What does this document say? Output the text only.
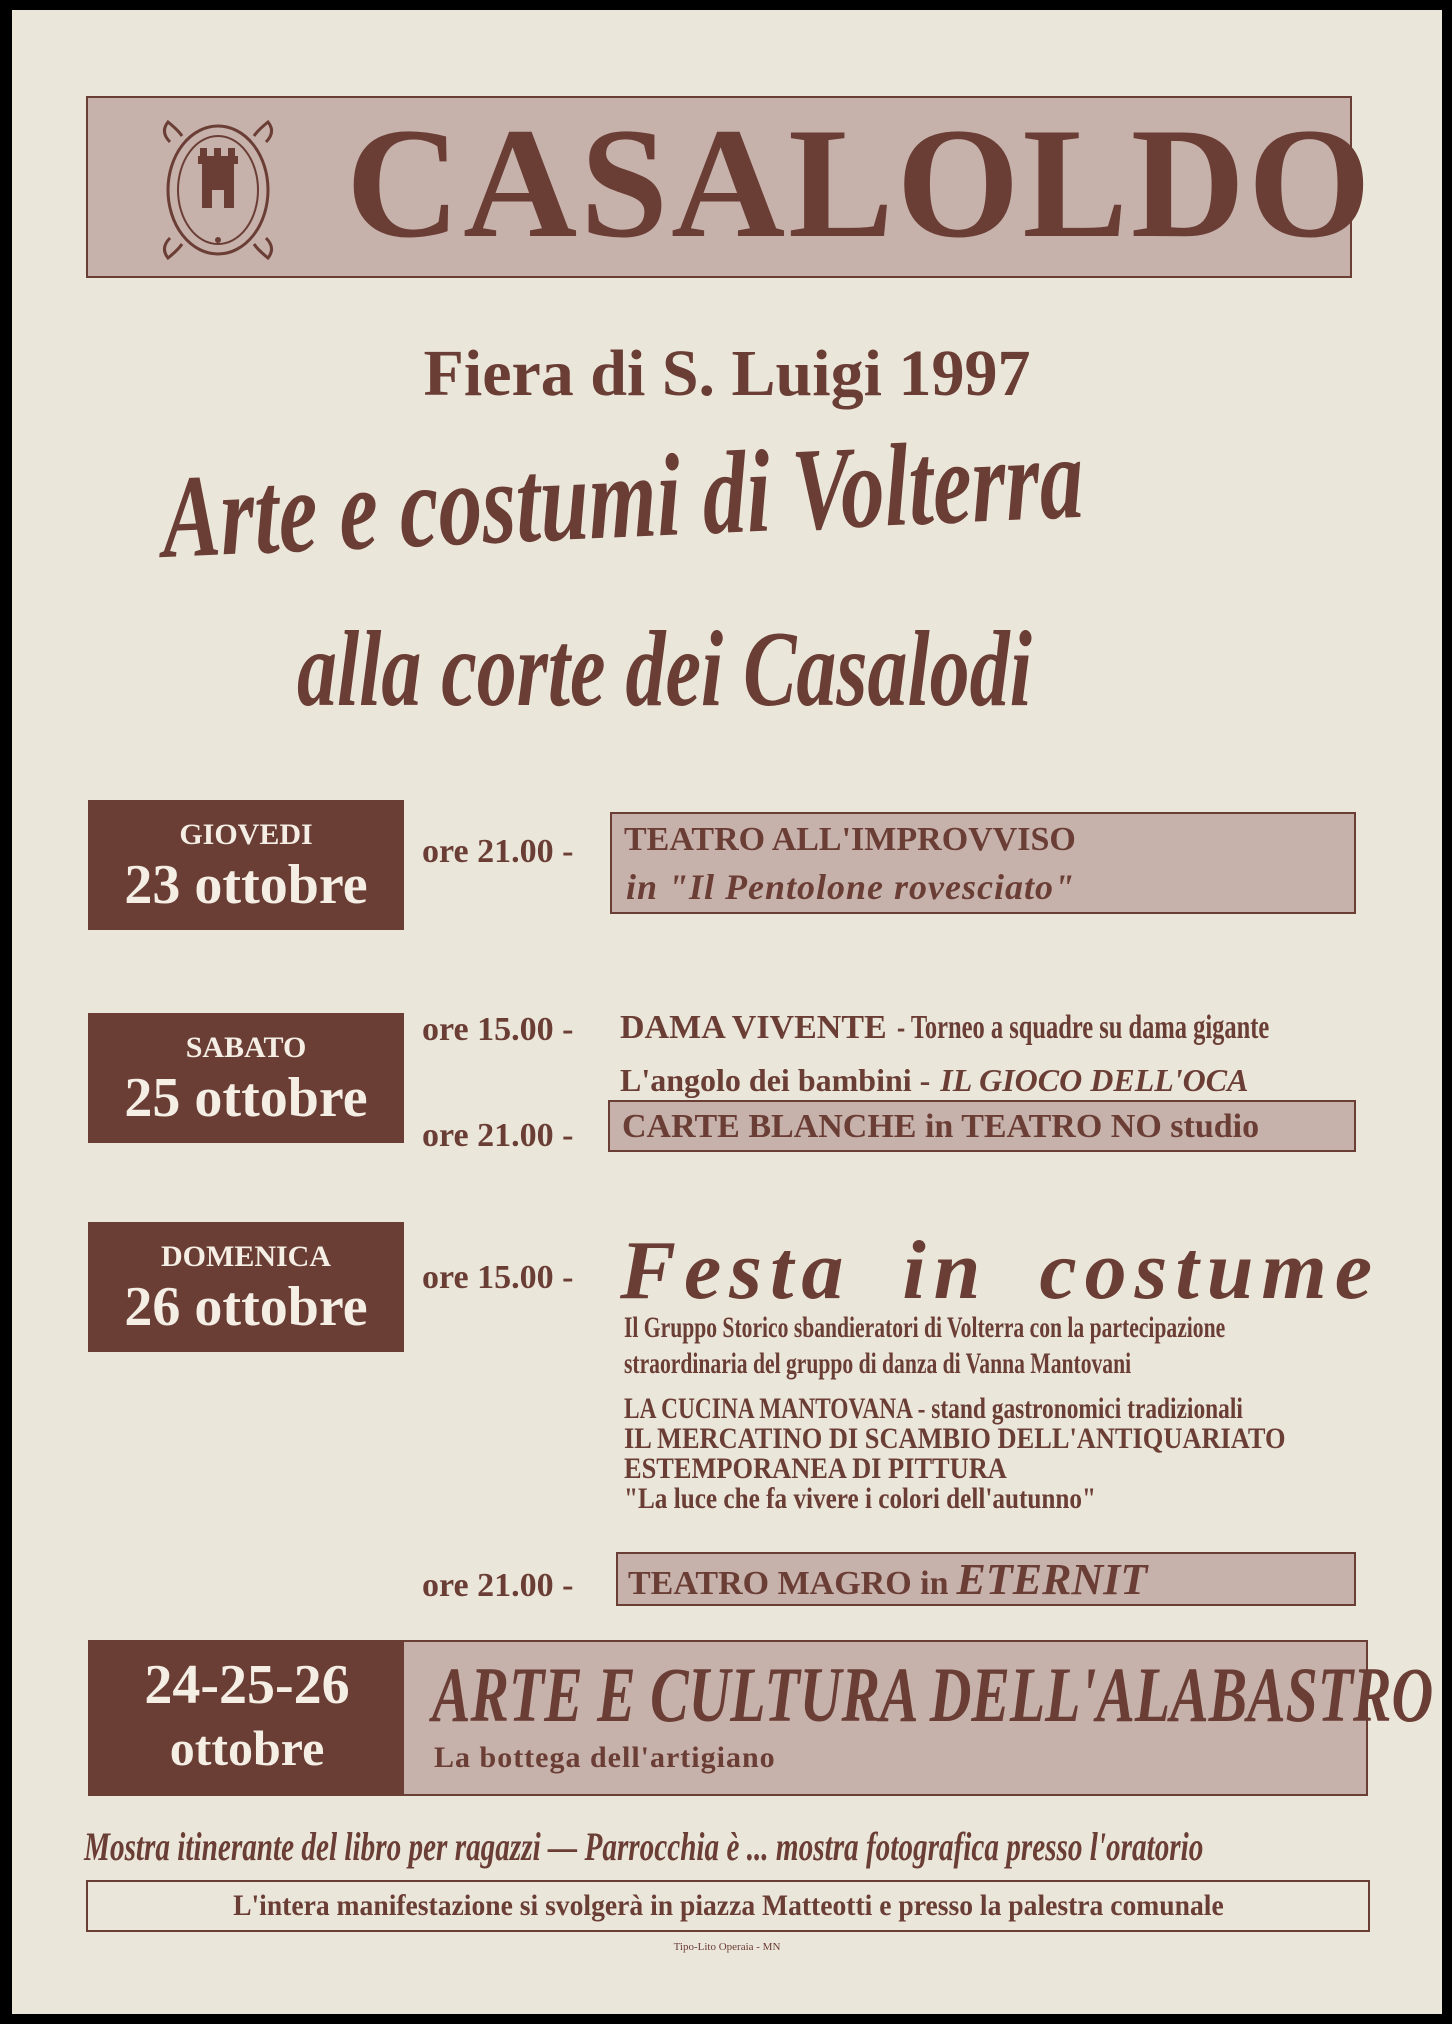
CASALOLDO
Fiera di S. Luigi 1997
Arte e costumi di Volterra
alla corte dei Casalodi
GIOVEDI
23 ottobre
ore 21.00 - TEATRO ALL'IMPROVVISO
in "Il Pentolone rovesciato"
SABATO
25 ottobre
ore 15.00 - DAMA VIVENTE - Torneo a squadre su dama gigante
L'angolo dei bambini - IL GIOCO DELL'OCA
ore 21.00 - CARTE BLANCHE in TEATRO NO studio
DOMENICA
26 ottobre	ore 15.00 - Festa in costume
Il Gruppo Storico sbandieratori di Volterra con la partecipazione
straordinaria del gruppo di danza di Vanna Mantovani
LA CUCINA MANTOVANA - stand gastronomici tradizionali
IL MERCATINO DI SCAMBIO DELL'ANTIQUARIATO
ESTEMPORANEA DI PITTURA
"La luce che fa vivere i colori dell'autunno"
ore 21.00 - TEATRO MAGRO in ETERNIT
24-25-26
ottobre
ARTE E CULTURA DELL'ALABASTRO
La bottega dell'artigiano
Mostra itinerante del libro per ragazzi — Parrocchia è ... mostra fotografica presso l'oratorio
L'intera manifestazione si svolgerà in piazza Matteotti e presso la palestra comunale
Tipo-Lito Operaia - MN
